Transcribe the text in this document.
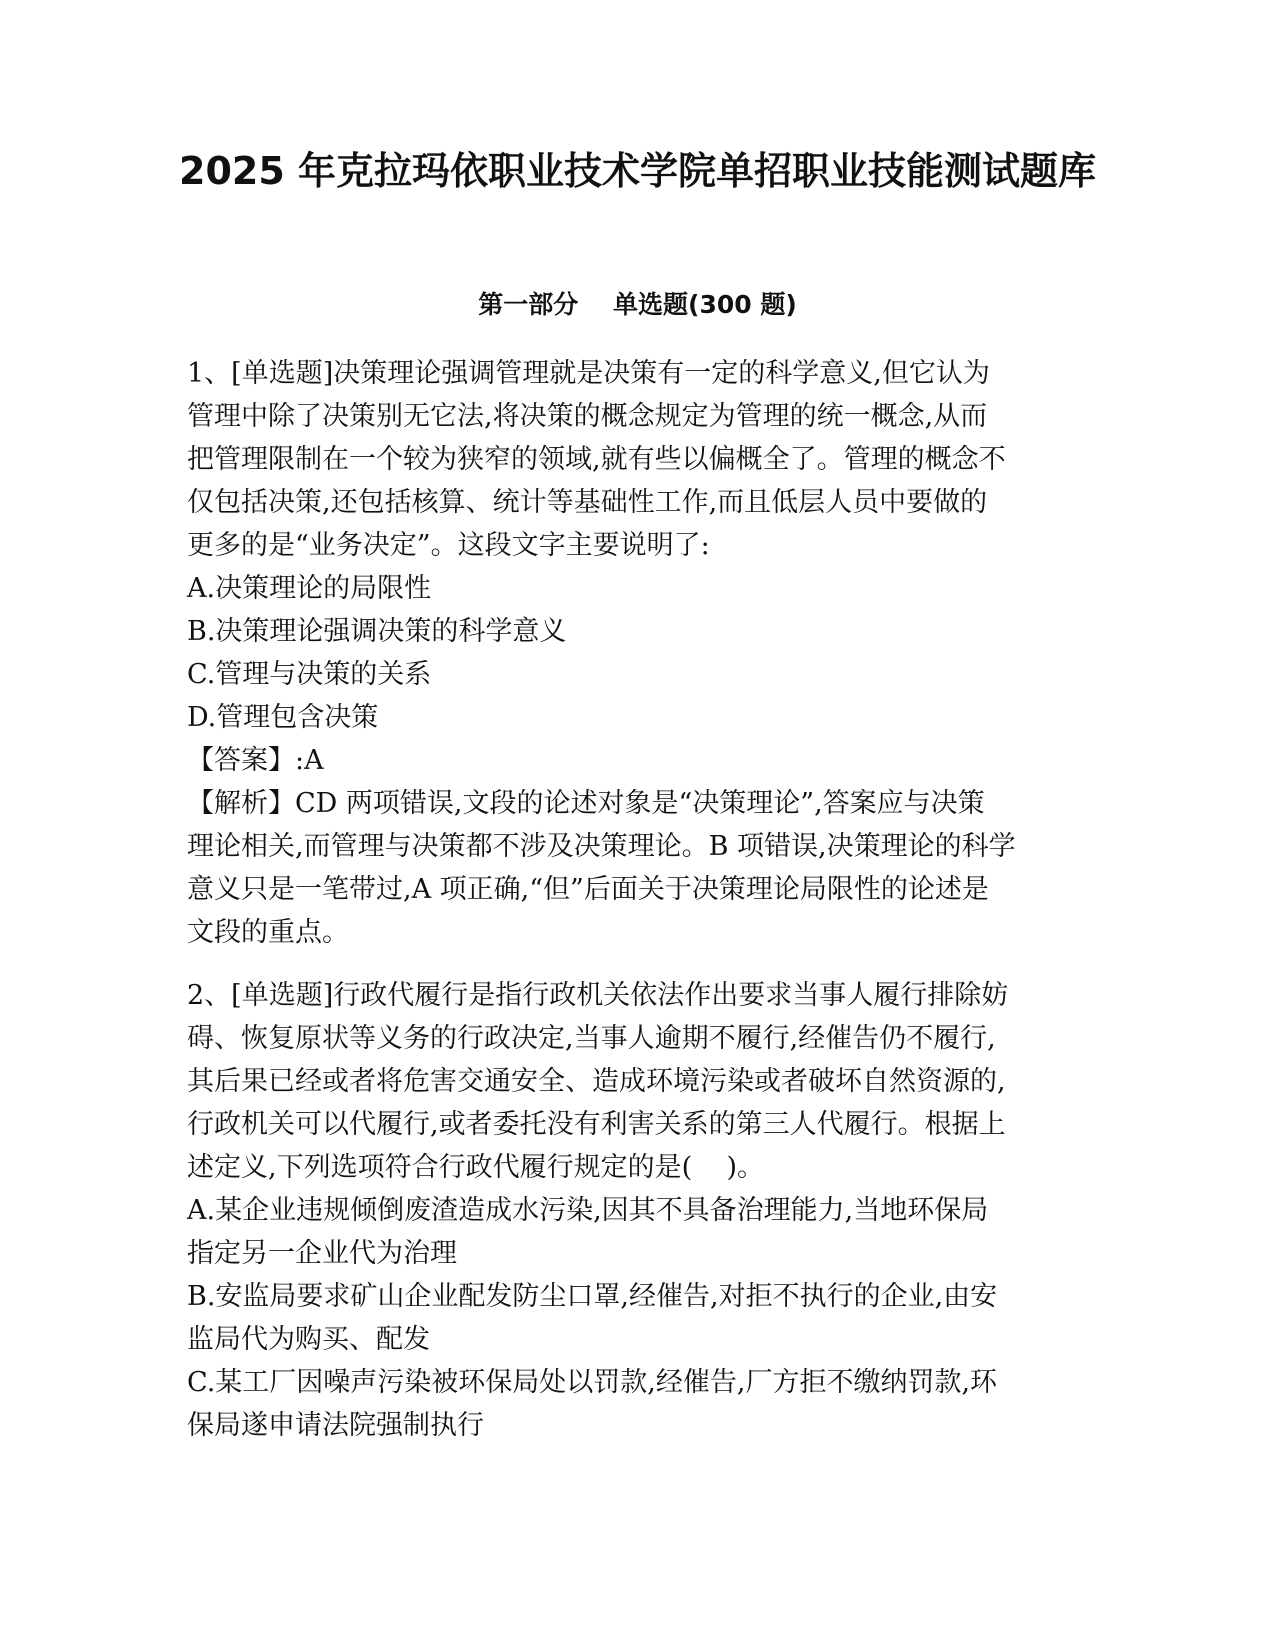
2025 年克拉玛依职业技术学院单招职业技能测试题库
第一部分    单选题(300 题)
1、[单选题]决策理论强调管理就是决策有一定的科学意义,但它认为
管理中除了决策别无它法,将决策的概念规定为管理的统一概念,从而
把管理限制在一个较为狭窄的领域,就有些以偏概全了。管理的概念不
仅包括决策,还包括核算、统计等基础性工作,而且低层人员中要做的
更多的是“业务决定”。这段文字主要说明了:
A.决策理论的局限性
B.决策理论强调决策的科学意义
C.管理与决策的关系
D.管理包含决策
【答案】:A
【解析】CD 两项错误,文段的论述对象是“决策理论”,答案应与决策
理论相关,而管理与决策都不涉及决策理论。B 项错误,决策理论的科学
意义只是一笔带过,A 项正确,“但”后面关于决策理论局限性的论述是
文段的重点。
2、[单选题]行政代履行是指行政机关依法作出要求当事人履行排除妨
碍、恢复原状等义务的行政决定,当事人逾期不履行,经催告仍不履行,
其后果已经或者将危害交通安全、造成环境污染或者破坏自然资源的,
行政机关可以代履行,或者委托没有利害关系的第三人代履行。根据上
述定义,下列选项符合行政代履行规定的是(    )。
A.某企业违规倾倒废渣造成水污染,因其不具备治理能力,当地环保局
指定另一企业代为治理
B.安监局要求矿山企业配发防尘口罩,经催告,对拒不执行的企业,由安
监局代为购买、配发
C.某工厂因噪声污染被环保局处以罚款,经催告,厂方拒不缴纳罚款,环
保局遂申请法院强制执行
